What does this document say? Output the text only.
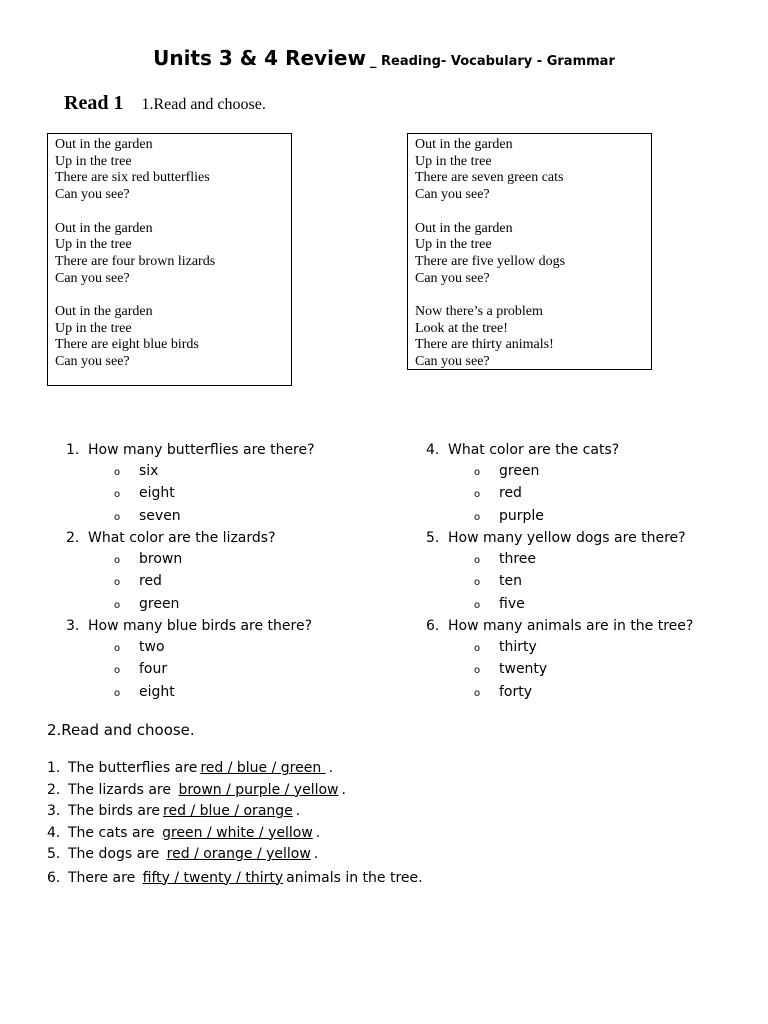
Units 3 & 4 Review _ Reading- Vocabulary - Grammar
Read 1 1.Read and choose.
Out in the garden
Up in the tree
There are six red butterflies
Can you see?
Out in the garden
Up in the tree
There are four brown lizards
Can you see?
Out in the garden
Up in the tree
There are eight blue birds
Can you see?
Out in the garden
Up in the tree
There are seven green cats
Can you see?
Out in the garden
Up in the tree
There are five yellow dogs
Can you see?
Now there’s a problem
Look at the tree!
There are thirty animals!
Can you see?
1. How many butterflies are there?
o six
o eight
o seven
2. What color are the lizards?
o brown
o red
o green
3. How many blue birds are there?
o two
o four
o eight
4. What color are the cats?
o green
o red
o purple
5. How many yellow dogs are there?
o three
o ten
o five
6. How many animals are in the tree?
o thirty
o twenty
o forty
2.Read and choose.
1. The butterflies are red / blue / green .
2. The lizards are brown / purple / yellow .
3. The birds are red / blue / orange .
4. The cats are green / white / yellow .
5. The dogs are red / orange / yellow .
6. There are fifty / twenty / thirty animals in the tree.
